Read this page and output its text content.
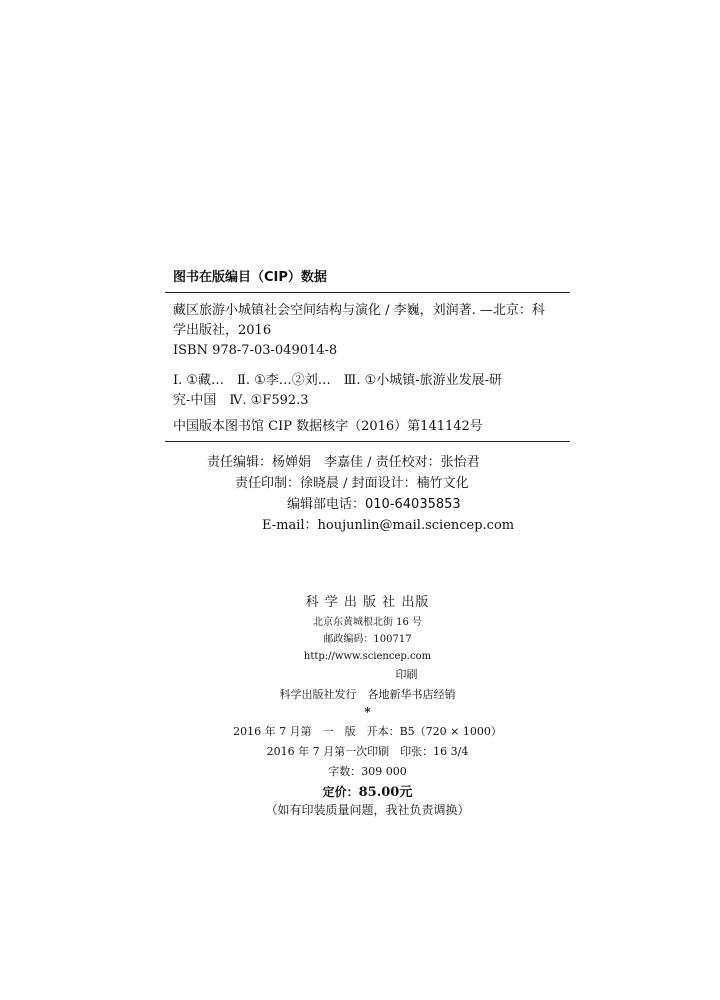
图书在版编目（CIP）数据

藏区旅游小城镇社会空间结构与演化 / 李巍，刘润著. —北京：科
学出版社，2016
ISBN 978-7-03-049014-8

Ⅰ. ①藏…　Ⅱ. ①李…②刘…　Ⅲ. ①小城镇-旅游业发展-研
究-中国　Ⅳ. ①F592.3

中国版本图书馆 CIP 数据核字（2016）第141142号

责任编辑：杨婵娟　李嘉佳 / 责任校对：张怡君
责任印制：徐晓晨 / 封面设计：楠竹文化
编辑部电话：010-64035853
E-mail：houjunlin@mail.sciencep.com
科 学 出 版 社 出版
北京东黄城根北街 16 号
邮政编码：100717
http://www.sciencep.com
印刷
科学出版社发行　各地新华书店经销
*
2016 年 7 月第　一　版　开本：B5（720 × 1000）
2016 年 7 月第一次印刷　印张：16 3/4
字数：309 000
定价：85.00元
（如有印装质量问题，我社负责调换）
